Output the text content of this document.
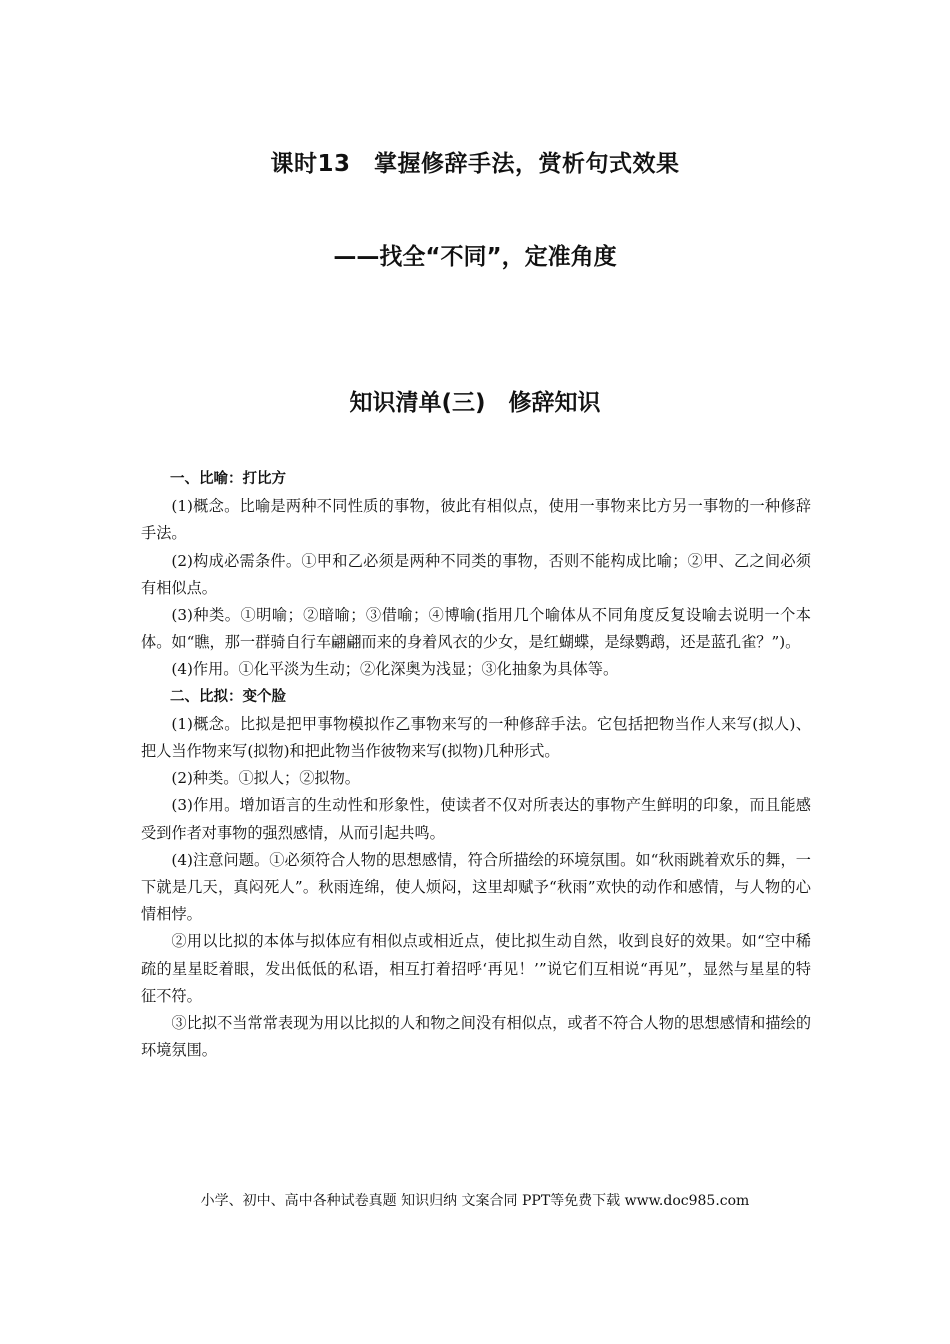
课时13　掌握修辞手法，赏析句式效果
——找全“不同”，定准角度
知识清单(三)　修辞知识

一、比喻：打比方

(1)概念。比喻是两种不同性质的事物，彼此有相似点，使用一事物来比方另一事物的一种修辞手法。

(2)构成必需条件。①甲和乙必须是两种不同类的事物，否则不能构成比喻；②甲、乙之间必须有相似点。

(3)种类。①明喻；②暗喻；③借喻；④博喻(指用几个喻体从不同角度反复设喻去说明一个本体。如“瞧，那一群骑自行车翩翩而来的身着风衣的少女，是红蝴蝶，是绿鹦鹉，还是蓝孔雀？”)。

(4)作用。①化平淡为生动；②化深奥为浅显；③化抽象为具体等。

二、比拟：变个脸

(1)概念。比拟是把甲事物模拟作乙事物来写的一种修辞手法。它包括把物当作人来写(拟人)、把人当作物来写(拟物)和把此物当作彼物来写(拟物)几种形式。

(2)种类。①拟人；②拟物。

(3)作用。增加语言的生动性和形象性，使读者不仅对所表达的事物产生鲜明的印象，而且能感受到作者对事物的强烈感情，从而引起共鸣。

(4)注意问题。①必须符合人物的思想感情，符合所描绘的环境氛围。如“秋雨跳着欢乐的舞，一下就是几天，真闷死人”。秋雨连绵，使人烦闷，这里却赋予“秋雨”欢快的动作和感情，与人物的心情相悖。

②用以比拟的本体与拟体应有相似点或相近点，使比拟生动自然，收到良好的效果。如“空中稀疏的星星眨着眼，发出低低的私语，相互打着招呼‘再见！’”说它们互相说“再见”，显然与星星的特征不符。

③比拟不当常常表现为用以比拟的人和物之间没有相似点，或者不符合人物的思想感情和描绘的环境氛围。

小学、初中、高中各种试卷真题 知识归纳 文案合同 PPT等免费下载 www.doc985.com
